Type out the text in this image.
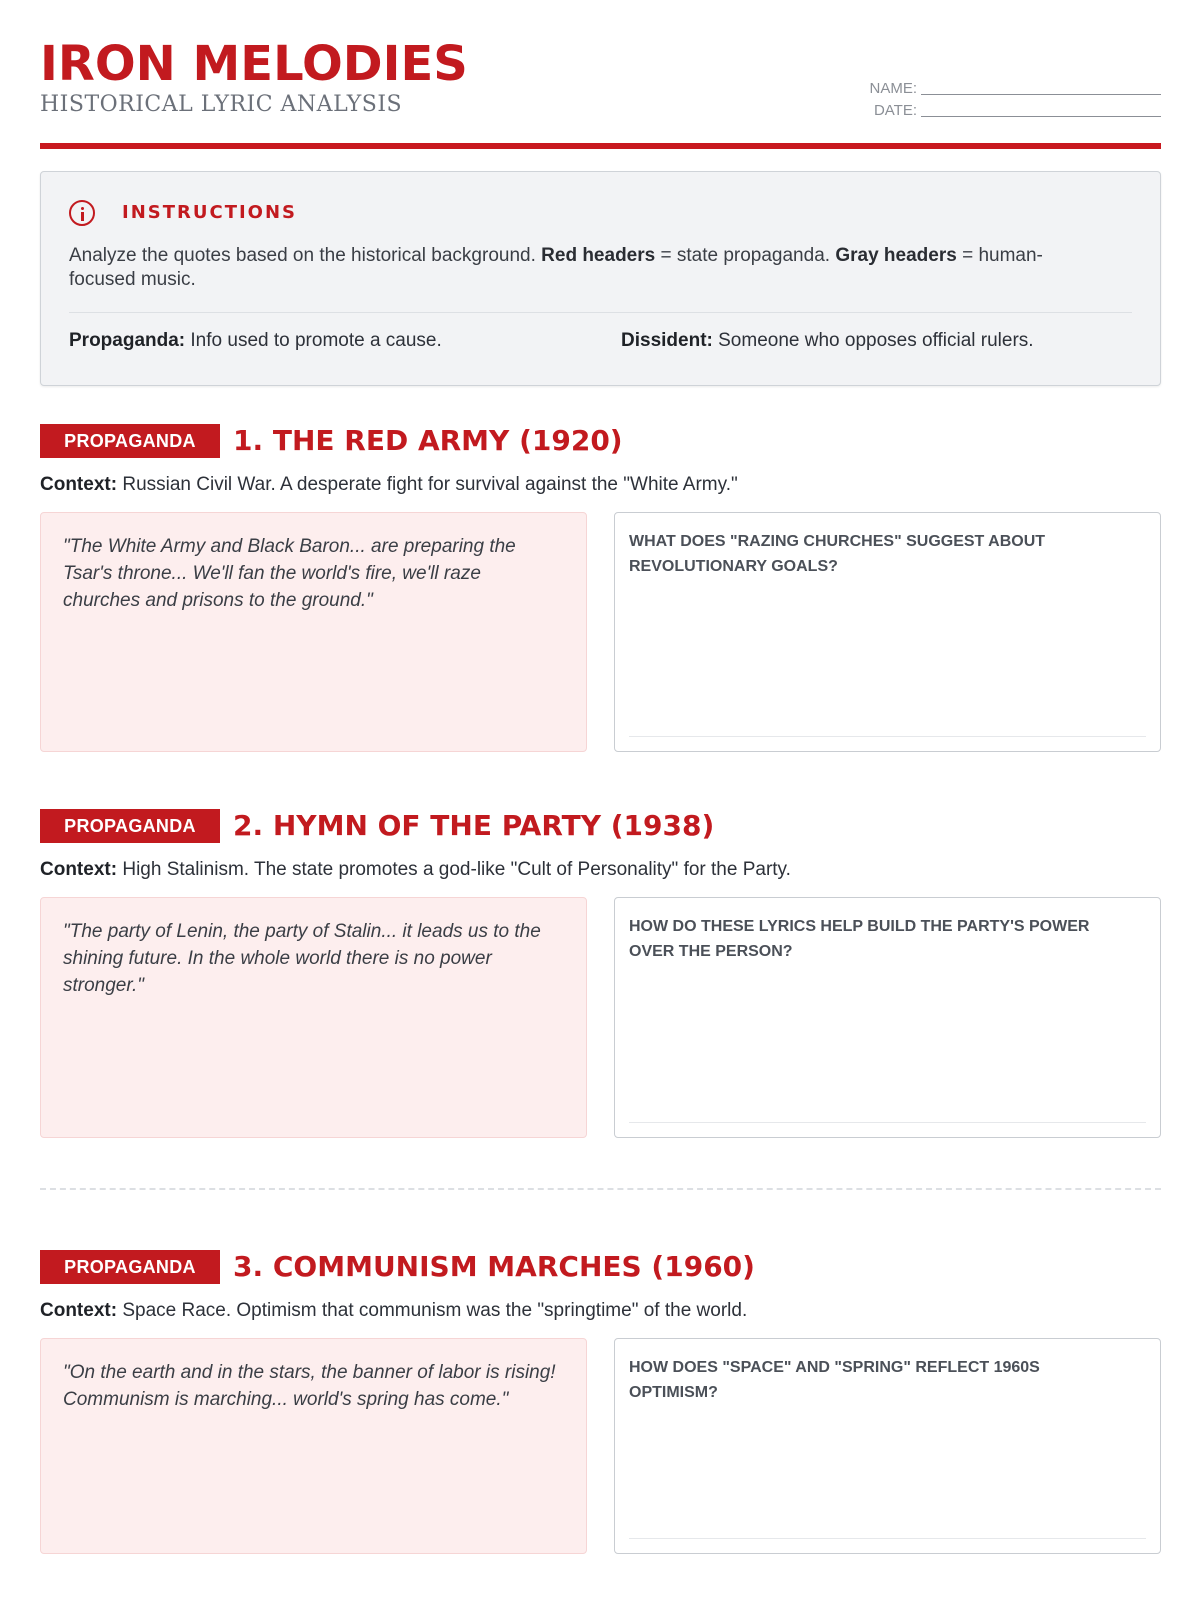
IRON MELODIES
HISTORICAL LYRIC ANALYSIS
NAME:
DATE:
INSTRUCTIONS
Analyze the quotes based on the historical background. Red headers = state propaganda. Gray headers = human-focused music.
Propaganda: Info used to promote a cause.	Dissident: Someone who opposes official rulers.
PROPAGANDA	1. THE RED ARMY (1920)
Context: Russian Civil War. A desperate fight for survival against the "White Army."
"The White Army and Black Baron... are preparing the Tsar's throne... We'll fan the world's fire, we'll raze churches and prisons to the ground."
WHAT DOES "RAZING CHURCHES" SUGGEST ABOUT REVOLUTIONARY GOALS?
PROPAGANDA	2. HYMN OF THE PARTY (1938)
Context: High Stalinism. The state promotes a god-like "Cult of Personality" for the Party.
"The party of Lenin, the party of Stalin... it leads us to the shining future. In the whole world there is no power stronger."
HOW DO THESE LYRICS HELP BUILD THE PARTY'S POWER OVER THE PERSON?
PROPAGANDA	3. COMMUNISM MARCHES (1960)
Context: Space Race. Optimism that communism was the "springtime" of the world.
"On the earth and in the stars, the banner of labor is rising! Communism is marching... world's spring has come."
HOW DOES "SPACE" AND "SPRING" REFLECT 1960S OPTIMISM?
